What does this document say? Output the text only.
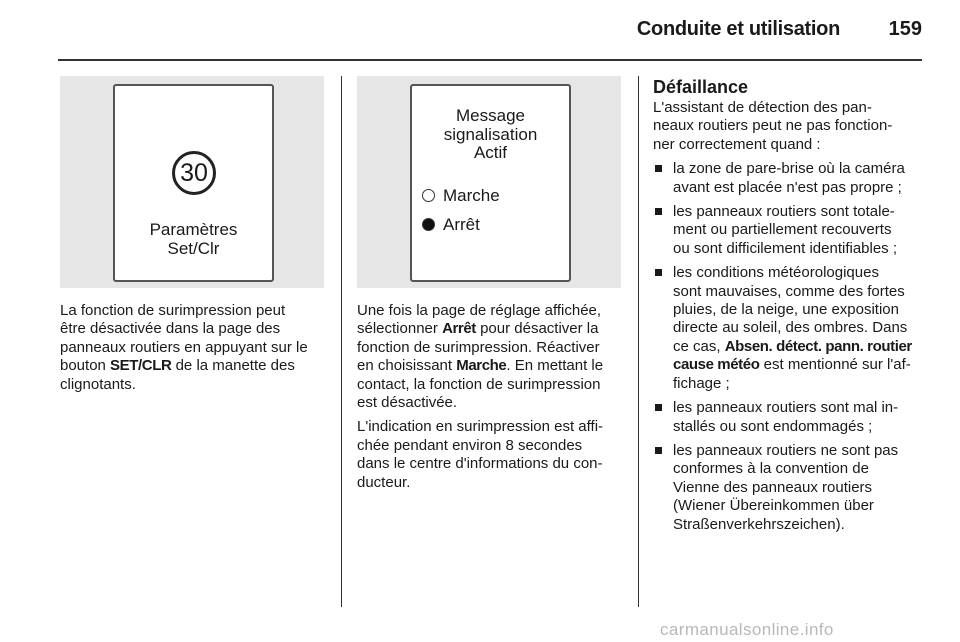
Conduite et utilisation	159
30
Paramètres
Set/Clr
Message
signalisation
Actif
Marche
Arrêt
La fonction de surimpression peut
être désactivée dans la page des
panneaux routiers en appuyant sur le
bouton SET/CLR de la manette des
clignotants.

Une fois la page de réglage affichée,
sélectionner Arrêt pour désactiver la
fonction de surimpression. Réactiver
en choisissant Marche. En mettant le
contact, la fonction de surimpression
est désactivée.

L'indication en surimpression est affi-
chée pendant environ 8 secondes
dans le centre d'informations du con-
ducteur.

Défaillance

L'assistant de détection des pan-
neaux routiers peut ne pas fonction-
ner correctement quand :

la zone de pare-brise où la caméra
avant est placée n'est pas propre ;
les panneaux routiers sont totale-
ment ou partiellement recouverts
ou sont difficilement identifiables ;
les conditions météorologiques
sont mauvaises, comme des fortes
pluies, de la neige, une exposition
directe au soleil, des ombres. Dans
ce cas, Absen. détect. pann. routier
cause météo est mentionné sur l'af-
fichage ;
les panneaux routiers sont mal in-
stallés ou sont endommagés ;
les panneaux routiers ne sont pas
conformes à la convention de
Vienne des panneaux routiers
(Wiener Übereinkommen über
Straßenverkehrszeichen).
carmanualsonline.info
